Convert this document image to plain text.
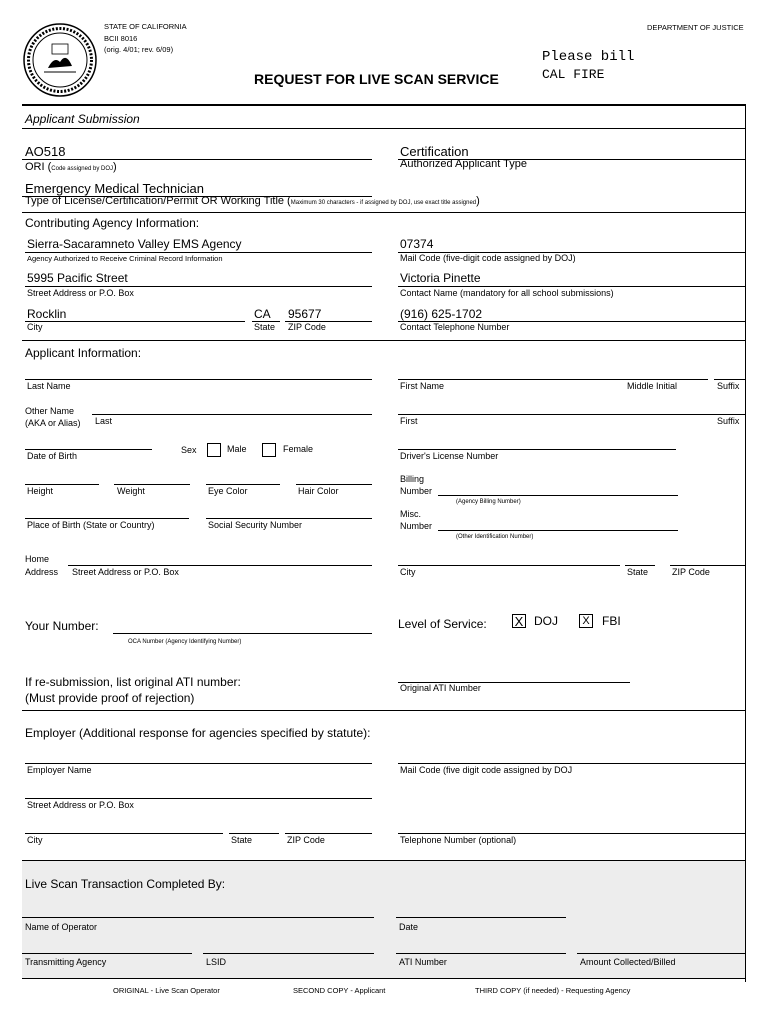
STATE OF CALIFORNIA
BCII 8016
(orig. 4/01; rev. 6/09)
DEPARTMENT OF JUSTICE
REQUEST FOR LIVE SCAN SERVICE
Please bill
CAL FIRE
Applicant Submission
AO518
ORI (Code assigned by DOJ)
Certification
Authorized Applicant Type
Emergency Medical Technician
Type of License/Certification/Permit OR Working Title (Maximum 30 characters - if assigned by DOJ, use exact title assigned)
Contributing Agency Information:
Sierra-Sacaramneto Valley EMS Agency
Agency Authorized to Receive Criminal Record Information
07374
Mail Code (five-digit code assigned by DOJ)
5995 Pacific Street
Street Address or P.O. Box
Victoria Pinette
Contact Name (mandatory for all school submissions)
Rocklin
City
CA
State
95677
ZIP Code
(916) 625-1702
Contact Telephone Number
Applicant Information:
Last Name	First Name	Middle Initial	Suffix
Other Name
(AKA or Alias) Last	First	Suffix
Date of Birth
Sex	Male	Female
Driver's License Number
Height	Weight	Eye Color	Hair Color
Billing
Number
(Agency Billing Number)
Place of Birth (State or Country)	Social Security Number
Misc.
Number
(Other Identification Number)
Home
Address Street Address or P.O. Box	City	State	ZIP Code
Your Number:
OCA Number (Agency Identifying Number)
Level of Service: X DOJ	X FBI
If re-submission, list original ATI number:
(Must provide proof of rejection)
Original ATI Number
Employer (Additional response for agencies specified by statute):
Employer Name	Mail Code (five digit code assigned by DOJ
Street Address or P.O. Box
City	State	ZIP Code	Telephone Number (optional)
Live Scan Transaction Completed By:
Name of Operator	Date
Transmitting Agency	LSID	ATI Number	Amount Collected/Billed
ORIGINAL - Live Scan Operator	SECOND COPY - Applicant	THIRD COPY (if needed) - Requesting Agency
